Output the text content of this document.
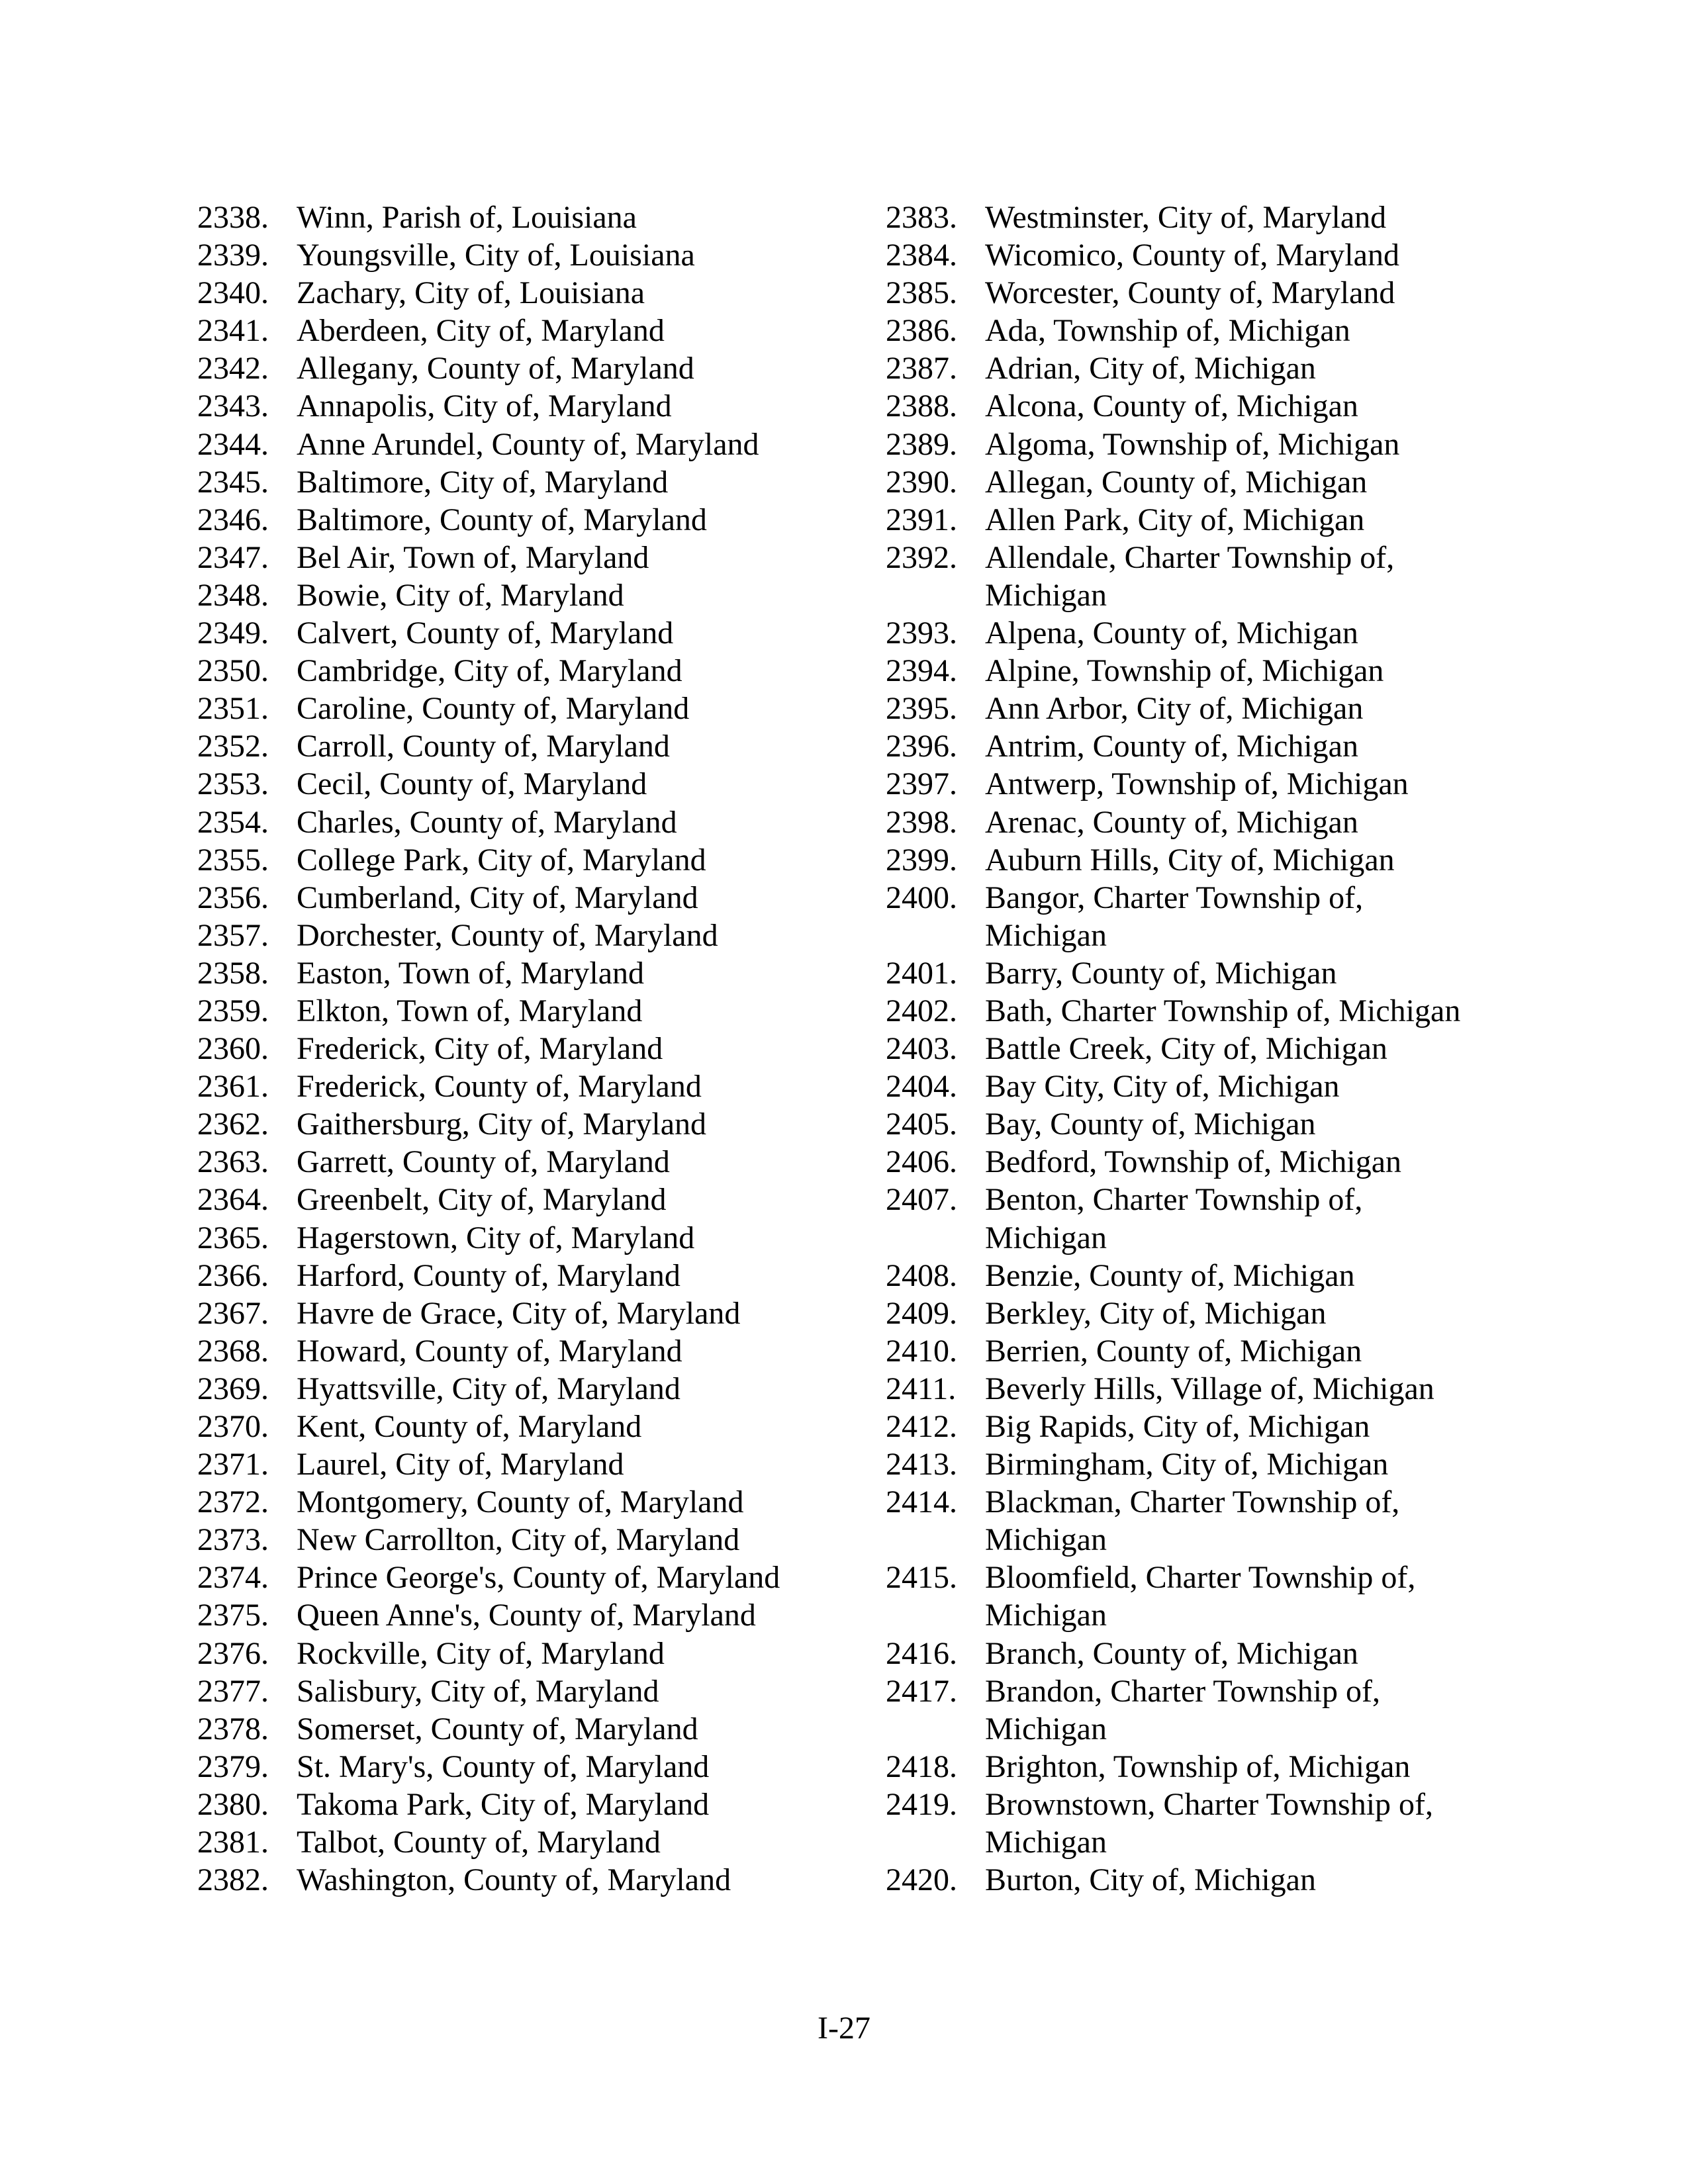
2338. Winn, Parish of, Louisiana
2339. Youngsville, City of, Louisiana
2340. Zachary, City of, Louisiana
2341. Aberdeen, City of, Maryland
2342. Allegany, County of, Maryland
2343. Annapolis, City of, Maryland
2344. Anne Arundel, County of, Maryland
2345. Baltimore, City of, Maryland
2346. Baltimore, County of, Maryland
2347. Bel Air, Town of, Maryland
2348. Bowie, City of, Maryland
2349. Calvert, County of, Maryland
2350. Cambridge, City of, Maryland
2351. Caroline, County of, Maryland
2352. Carroll, County of, Maryland
2353. Cecil, County of, Maryland
2354. Charles, County of, Maryland
2355. College Park, City of, Maryland
2356. Cumberland, City of, Maryland
2357. Dorchester, County of, Maryland
2358. Easton, Town of, Maryland
2359. Elkton, Town of, Maryland
2360. Frederick, City of, Maryland
2361. Frederick, County of, Maryland
2362. Gaithersburg, City of, Maryland
2363. Garrett, County of, Maryland
2364. Greenbelt, City of, Maryland
2365. Hagerstown, City of, Maryland
2366. Harford, County of, Maryland
2367. Havre de Grace, City of, Maryland
2368. Howard, County of, Maryland
2369. Hyattsville, City of, Maryland
2370. Kent, County of, Maryland
2371. Laurel, City of, Maryland
2372. Montgomery, County of, Maryland
2373. New Carrollton, City of, Maryland
2374. Prince George's, County of, Maryland
2375. Queen Anne's, County of, Maryland
2376. Rockville, City of, Maryland
2377. Salisbury, City of, Maryland
2378. Somerset, County of, Maryland
2379. St. Mary's, County of, Maryland
2380. Takoma Park, City of, Maryland
2381. Talbot, County of, Maryland
2382. Washington, County of, Maryland
2383. Westminster, City of, Maryland
2384. Wicomico, County of, Maryland
2385. Worcester, County of, Maryland
2386. Ada, Township of, Michigan
2387. Adrian, City of, Michigan
2388. Alcona, County of, Michigan
2389. Algoma, Township of, Michigan
2390. Allegan, County of, Michigan
2391. Allen Park, City of, Michigan
2392. Allendale, Charter Township of, Michigan
2393. Alpena, County of, Michigan
2394. Alpine, Township of, Michigan
2395. Ann Arbor, City of, Michigan
2396. Antrim, County of, Michigan
2397. Antwerp, Township of, Michigan
2398. Arenac, County of, Michigan
2399. Auburn Hills, City of, Michigan
2400. Bangor, Charter Township of, Michigan
2401. Barry, County of, Michigan
2402. Bath, Charter Township of, Michigan
2403. Battle Creek, City of, Michigan
2404. Bay City, City of, Michigan
2405. Bay, County of, Michigan
2406. Bedford, Township of, Michigan
2407. Benton, Charter Township of, Michigan
2408. Benzie, County of, Michigan
2409. Berkley, City of, Michigan
2410. Berrien, County of, Michigan
2411. Beverly Hills, Village of, Michigan
2412. Big Rapids, City of, Michigan
2413. Birmingham, City of, Michigan
2414. Blackman, Charter Township of, Michigan
2415. Bloomfield, Charter Township of, Michigan
2416. Branch, County of, Michigan
2417. Brandon, Charter Township of, Michigan
2418. Brighton, Township of, Michigan
2419. Brownstown, Charter Township of, Michigan
2420. Burton, City of, Michigan
I-27
